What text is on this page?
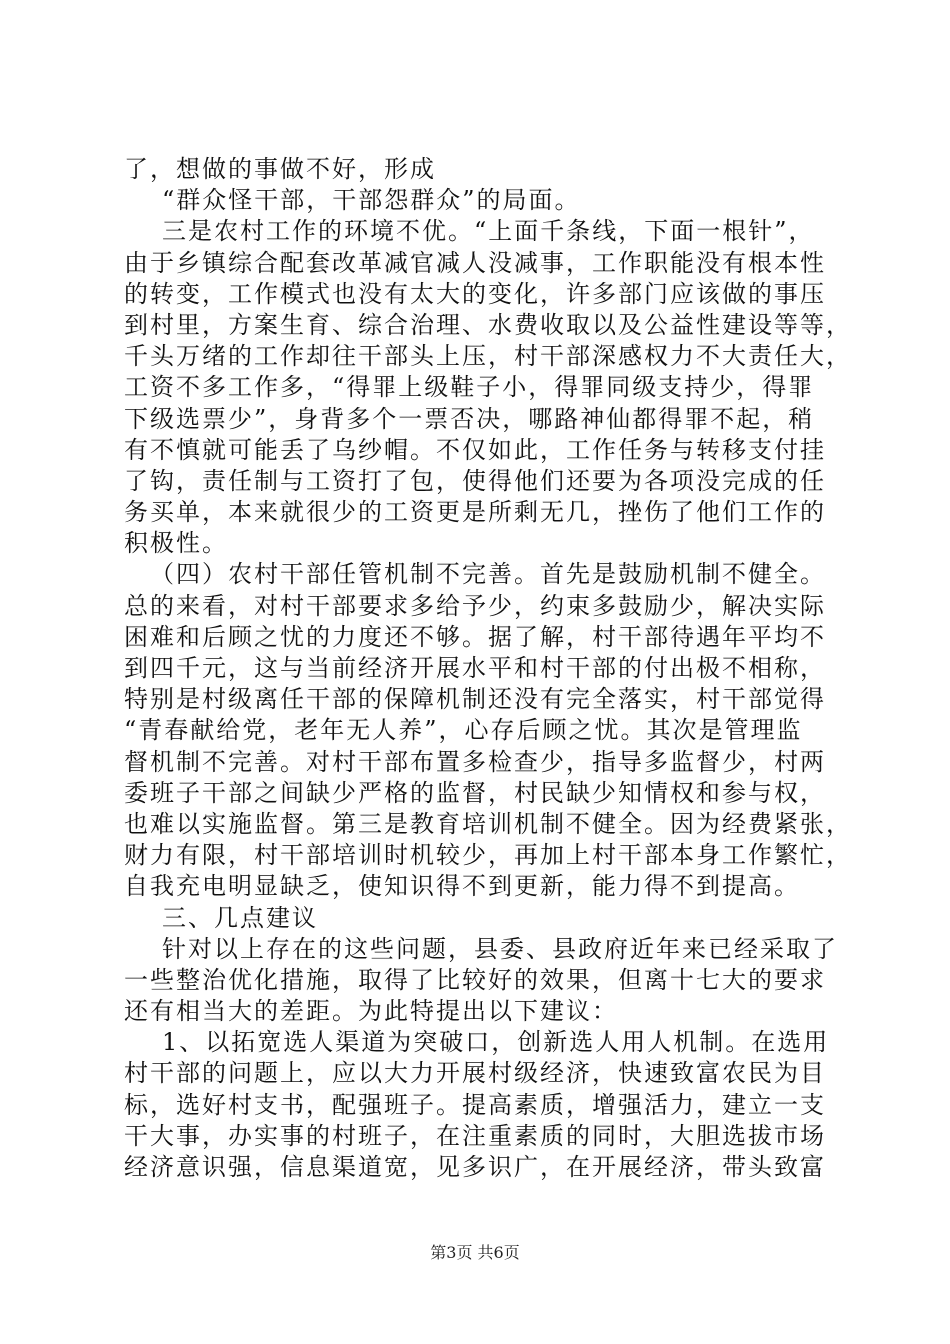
了，想做的事做不好，形成
“群众怪干部，干部怨群众”的局面。
三是农村工作的环境不优。“上面千条线，下面一根针”，
由于乡镇综合配套改革减官减人没减事，工作职能没有根本性
的转变，工作模式也没有太大的变化，许多部门应该做的事压
到村里，方案生育、综合治理、水费收取以及公益性建设等等，
千头万绪的工作却往干部头上压，村干部深感权力不大责任大，
工资不多工作多，“得罪上级鞋子小，得罪同级支持少，得罪
下级选票少”，身背多个一票否决，哪路神仙都得罪不起，稍
有不慎就可能丢了乌纱帽。不仅如此，工作任务与转移支付挂
了钩，责任制与工资打了包，使得他们还要为各项没完成的任
务买单，本来就很少的工资更是所剩无几，挫伤了他们工作的
积极性。
（四）农村干部任管机制不完善。首先是鼓励机制不健全。
总的来看，对村干部要求多给予少，约束多鼓励少，解决实际
困难和后顾之忧的力度还不够。据了解，村干部待遇年平均不
到四千元，这与当前经济开展水平和村干部的付出极不相称，
特别是村级离任干部的保障机制还没有完全落实，村干部觉得
“青春献给党，老年无人养”，心存后顾之忧。其次是管理监
督机制不完善。对村干部布置多检查少，指导多监督少，村两
委班子干部之间缺少严格的监督，村民缺少知情权和参与权，
也难以实施监督。第三是教育培训机制不健全。因为经费紧张，
财力有限，村干部培训时机较少，再加上村干部本身工作繁忙，
自我充电明显缺乏，使知识得不到更新，能力得不到提高。
三、几点建议
针对以上存在的这些问题，县委、县政府近年来已经采取了
一些整治优化措施，取得了比较好的效果，但离十七大的要求
还有相当大的差距。为此特提出以下建议：
1、以拓宽选人渠道为突破口，创新选人用人机制。在选用
村干部的问题上，应以大力开展村级经济，快速致富农民为目
标，选好村支书，配强班子。提高素质，增强活力，建立一支
干大事，办实事的村班子，在注重素质的同时，大胆选拔市场
经济意识强，信息渠道宽，见多识广，在开展经济，带头致富
第3页 共6页
